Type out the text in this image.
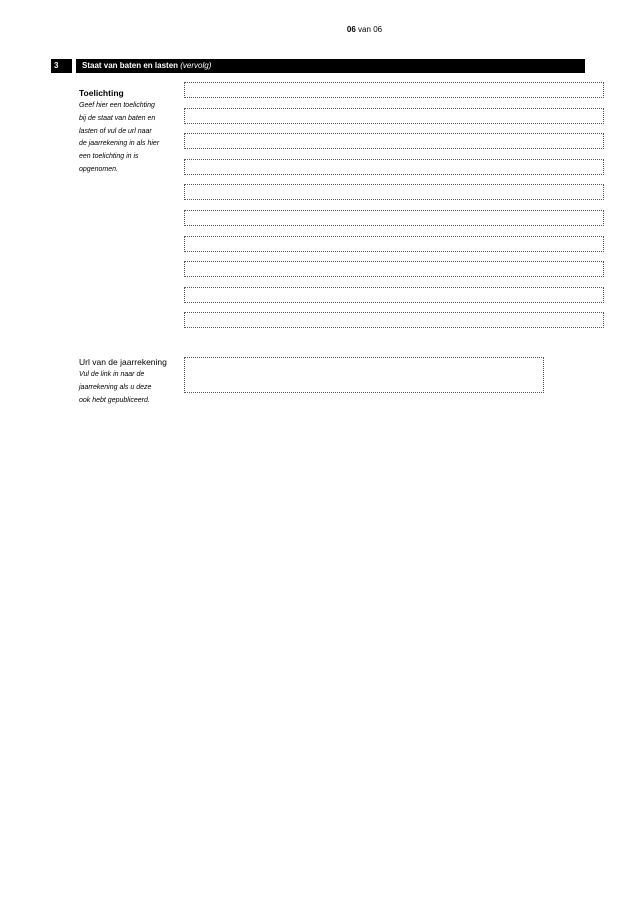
06 van 06
3	Staat van baten en lasten (vervolg)
Toelichting
Geef hier een toelichting
bij de staat van baten en
lasten of vul de url naar
de jaarrekening in als hier
een toelichting in is
opgenomen.
Url van de jaarrekening
Vul de link in naar de
jaarrekening als u deze
ook hebt gepubliceerd.
